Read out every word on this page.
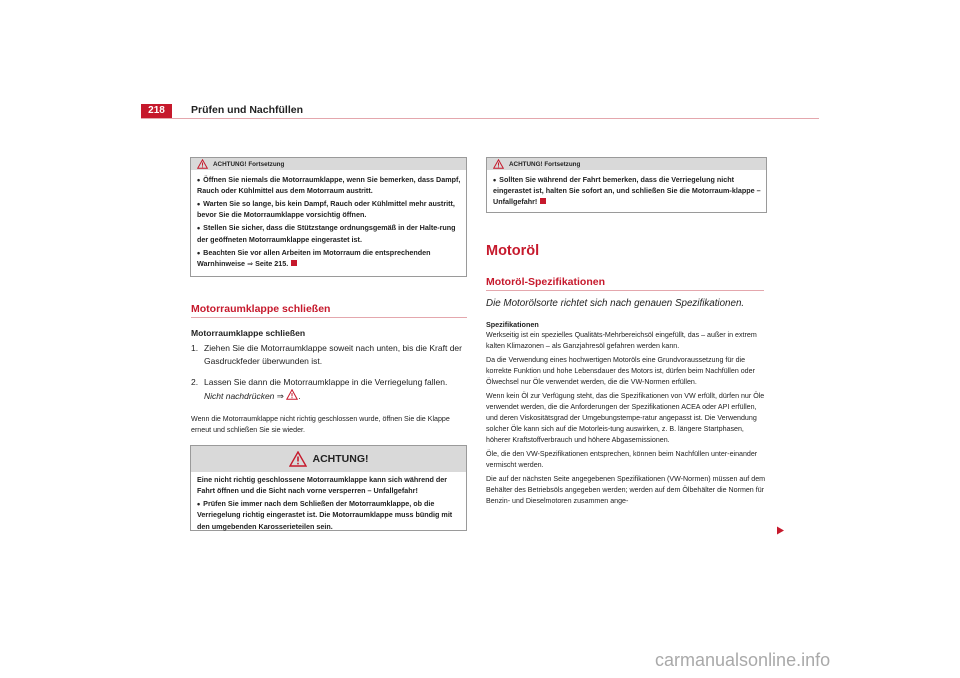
218	Prüfen und Nachfüllen
ACHTUNG! Fortsetzung

• Öffnen Sie niemals die Motorraumklappe, wenn Sie bemerken, dass Dampf, Rauch oder Kühlmittel aus dem Motorraum austritt.

• Warten Sie so lange, bis kein Dampf, Rauch oder Kühlmittel mehr austritt, bevor Sie die Motorraumklappe vorsichtig öffnen.

• Stellen Sie sicher, dass die Stützstange ordnungsgemäß in der Halte-rung der geöffneten Motorraumklappe eingerastet ist.

• Beachten Sie vor allen Arbeiten im Motorraum die entsprechenden Warnhinweise ⇒ Seite 215.

Motorraumklappe schließen
Motorraumklappe schließen
1. Ziehen Sie die Motorraumklappe soweit nach unten, bis die Kraft der Gasdruckfeder überwunden ist.
2. Lassen Sie dann die Motorraumklappe in die Verriegelung fallen.
Nicht nachdrücken ⇒ .
Wenn die Motorraumklappe nicht richtig geschlossen wurde, öffnen Sie die Klappe erneut und schließen Sie sie wieder.
ACHTUNG!

Eine nicht richtig geschlossene Motorraumklappe kann sich während der Fahrt öffnen und die Sicht nach vorne versperren – Unfallgefahr!

• Prüfen Sie immer nach dem Schließen der Motorraumklappe, ob die Verriegelung richtig eingerastet ist. Die Motorraumklappe muss bündig mit den umgebenden Karosserieteilen sein.

ACHTUNG! Fortsetzung

• Sollten Sie während der Fahrt bemerken, dass die Verriegelung nicht eingerastet ist, halten Sie sofort an, und schließen Sie die Motorraum-klappe – Unfallgefahr!

Motoröl
Motoröl-Spezifikationen
Die Motorölsorte richtet sich nach genauen Spezifikationen.
Spezifikationen

Werkseitig ist ein spezielles Qualitäts-Mehrbereichsöl eingefüllt, das – außer in extrem kalten Klimazonen – als Ganzjahresöl gefahren werden kann.

Da die Verwendung eines hochwertigen Motoröls eine Grundvoraussetzung für die korrekte Funktion und hohe Lebensdauer des Motors ist, dürfen beim Nachfüllen oder Ölwechsel nur Öle verwendet werden, die die VW-Normen erfüllen.

Wenn kein Öl zur Verfügung steht, das die Spezifikationen von VW erfüllt, dürfen nur Öle verwendet werden, die die Anforderungen der Spezifikationen ACEA oder API erfüllen, und deren Viskositätsgrad der Umgebungstempe-ratur angepasst ist. Die Verwendung solcher Öle kann sich auf die Motorleis-tung auswirken, z. B. längere Startphasen, höherer Kraftstoffverbrauch und höhere Abgasemissionen.

Öle, die den VW-Spezifikationen entsprechen, können beim Nachfüllen unter-einander vermischt werden.

Die auf der nächsten Seite angegebenen Spezifikationen (VW-Normen) müssen auf dem Behälter des Betriebsöls angegeben werden; werden auf dem Ölbehälter die Normen für Benzin- und Dieselmotoren zusammen ange-

carmanualsonline.info
